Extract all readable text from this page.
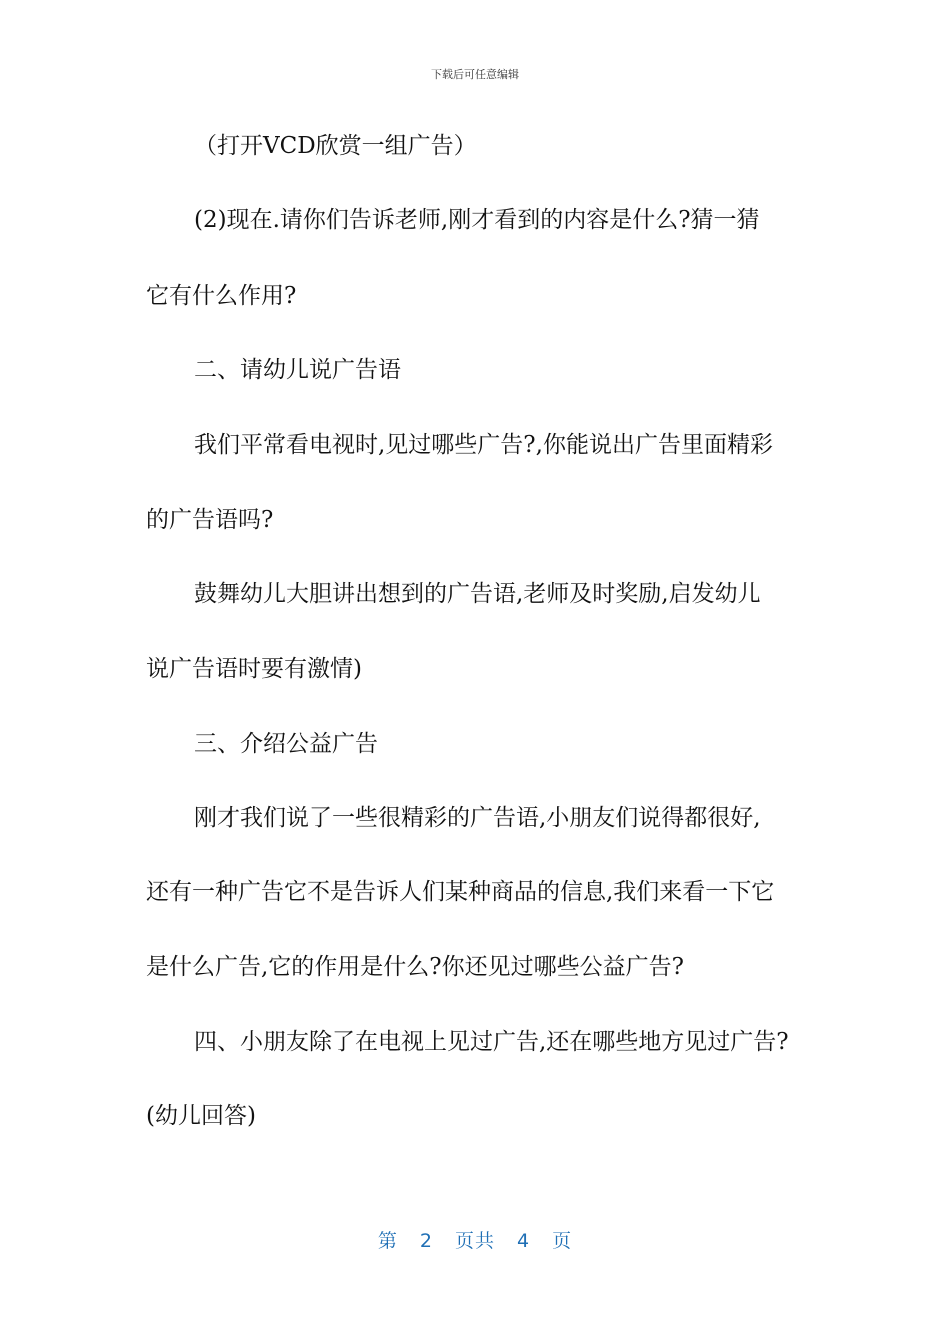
下载后可任意编辑
（打开VCD欣赏一组广告）
(2)现在.请你们告诉老师,刚才看到的内容是什么?猜一猜
它有什么作用?
二、请幼儿说广告语
我们平常看电视时,见过哪些广告?,你能说出广告里面精彩
的广告语吗?
鼓舞幼儿大胆讲出想到的广告语,老师及时奖励,启发幼儿
说广告语时要有激情)
三、介绍公益广告
刚才我们说了一些很精彩的广告语,小朋友们说得都很好,
还有一种广告它不是告诉人们某种商品的信息,我们来看一下它
是什么广告,它的作用是什么?你还见过哪些公益广告?
四、小朋友除了在电视上见过广告,还在哪些地方见过广告?
(幼儿回答)
第 2 页共 4 页
